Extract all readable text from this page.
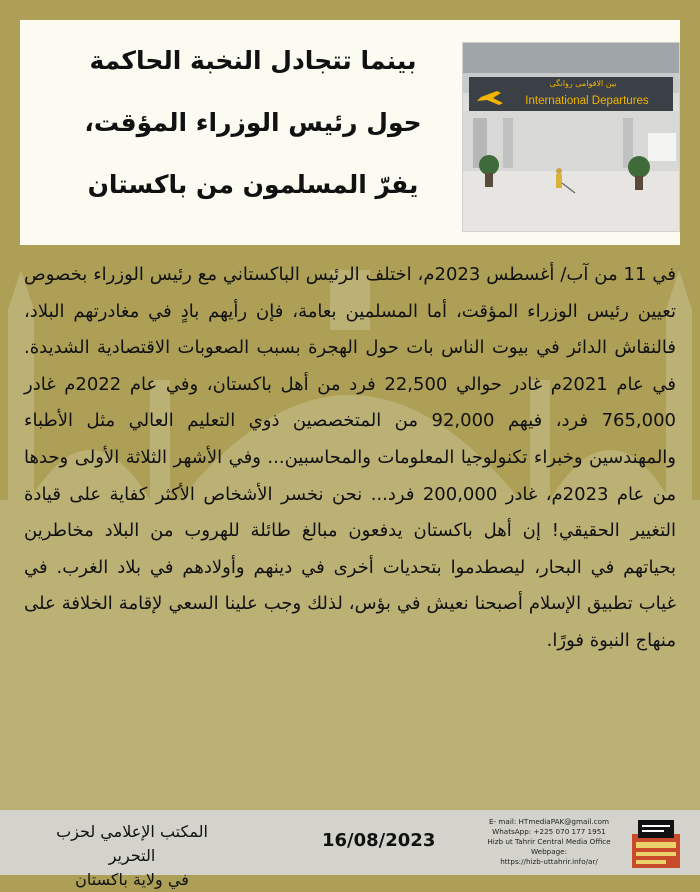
بین الاقوامی روانگی
International Departures
بينما تتجادل النخبة الحاكمة
حول رئيس الوزراء المؤقت،
يفرّ المسلمون من باكستان

في 11 من آب/ أغسطس 2023م، اختلف الرئيس الباكستاني مع رئيس الوزراء بخصوص تعيين رئيس الوزراء المؤقت، أما المسلمين بعامة، فإن رأيهم بادٍ في مغادرتهم البلاد، فالنقاش الدائر في بيوت الناس بات حول الهجرة بسبب الصعوبات الاقتصادية الشديدة. في عام 2021م غادر حوالي 22,500 فرد من أهل باكستان، وفي عام 2022م غادر 765,000 فرد، فيهم 92,000 من المتخصصين ذوي التعليم العالي مثل الأطباء والمهندسين وخبراء تكنولوجيا المعلومات والمحاسبين... وفي الأشهر الثلاثة الأولى وحدها من عام 2023م، غادر 200,000 فرد... نحن نخسر الأشخاص الأكثر كفاية على قيادة التغيير الحقيقي! إن أهل باكستان يدفعون مبالغ طائلة للهروب من البلاد مخاطرين بحياتهم في البحار، ليصطدموا بتحديات أخرى في دينهم وأولادهم في بلاد الغرب. في غياب تطبيق الإسلام أصبحنا نعيش في بؤس، لذلك وجب علينا السعي لإقامة الخلافة على منهاج النبوة فورًا.

المكتب الإعلامي لحزب التحرير
في ولاية باكستان
16/08/2023
E- mail: HTmediaPAK@gmail.com
WhatsApp: +225 070 177 1951
Hizb ut Tahrir Central Media Office Webpage:
https://hizb-uttahrir.info/ar/
